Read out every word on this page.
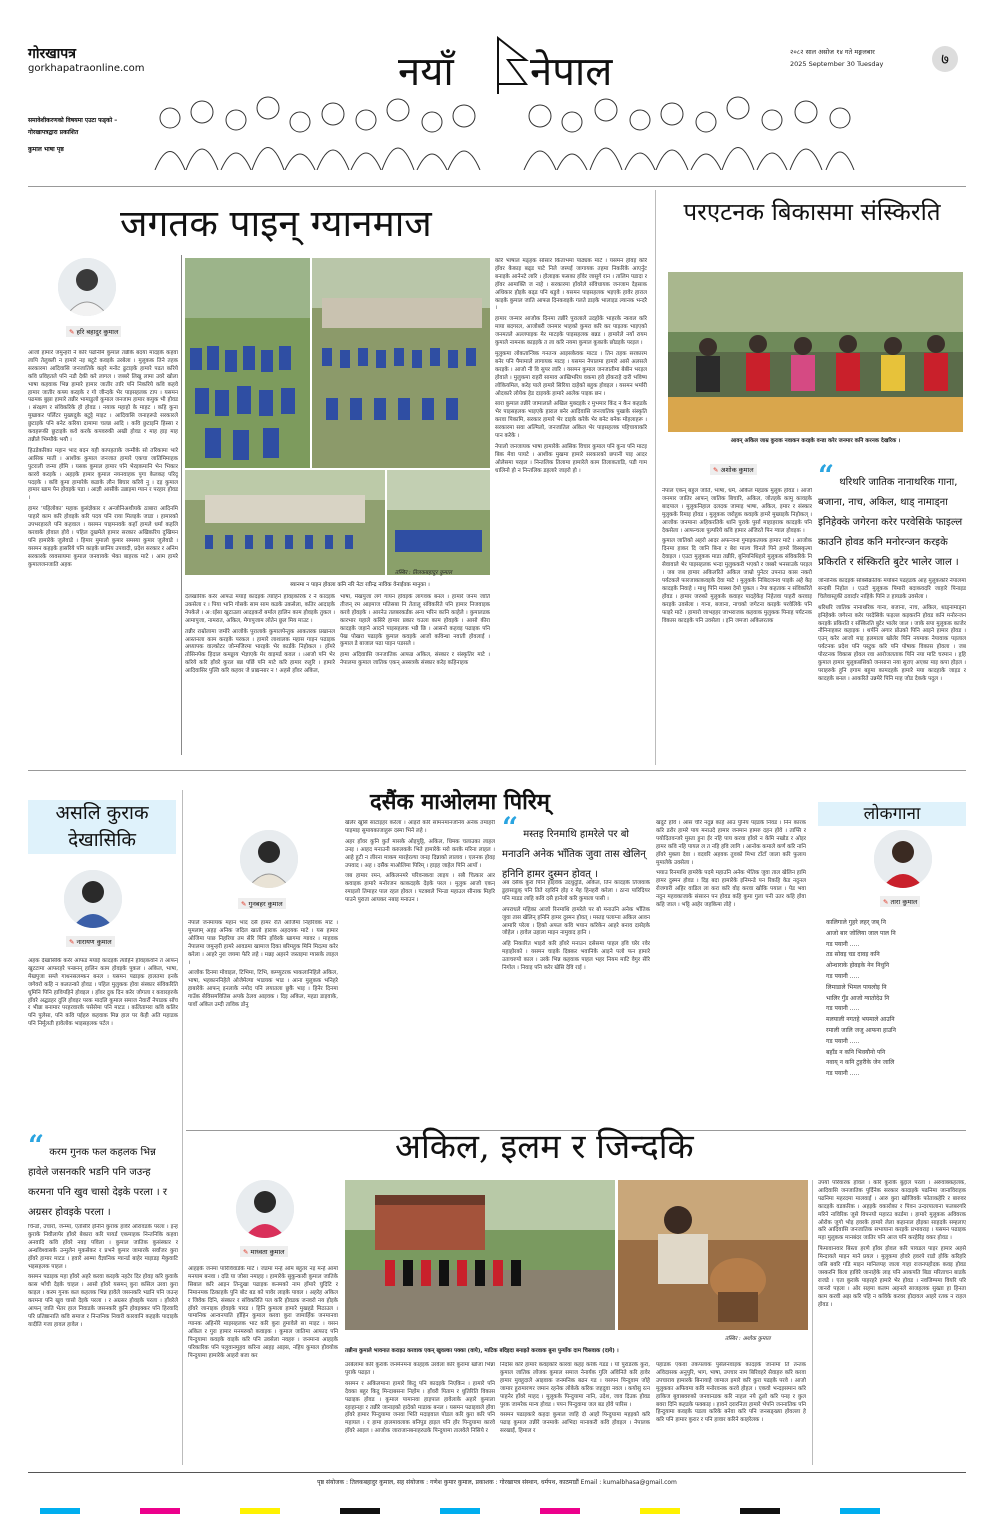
गोरखापत्र
gorkhapatraonline.com
समावेशीकरणको विषयमा एउटा फड्को –
गोरखापत्रद्वारा प्रकाशित
कुमाल भाषा पृष्ठ
नयाँ नेपाल	२०८२ साल असोज १४ गते मङ्गलबार
2025 September 30 Tuesday	७
जगतक पाइन् ग्यानमाज
✎ हरि बहादुर कुमाल

आजो हामारे जमुन्हरी ने करि पढनिमि कुमाल तन्नीके बदया मादइके कहवा लापि तेलुक्ली न हामारे नइ बटुटे कवइके उरबेला । मुलुकक तिने तहक सरकारमा आदिवासि जनजातिके कहरे मनोट ढुटाइके हामारे पढत करिये कवि प्रविहतले पनि नडौ देकी करे लागल । जब्बरे लिखु लामा उवरे खोला भाषा कहवाक भिन्न हामारे हामार जातीर तारि पनि निकरिये कवि कहवे हामार जातीर कफ्य करइके र गो जीन्दके भेर पाइसहलक टाप । यसमन पढमक बुझा हामारे तन्नीर भामाडुलो कुमाल जनजाम हामार कयुक भी होवड । संरक्षण र संविकरिके हो होवड । नयाक महाहो के माहट । कहि कुना मुखाकर पर्लिटर मुख्यदुके बटुट्टे माइट । आदिवासि जनाहरूडे सरकारले छुटाइके पनि बनेट करिया दामामा चलन्न आदि । कवि छुटाइनि हिस्सा र कवहरूकी छुटाइके कवे करके कपवरुकी अखी होवड र माह हाइ माह तन्नीले भिम्यौके भयौ ।

हिउडेकरिका महान भाद बदन यही कापहताके जन्मीके सो तरिकामा भारे आसिक माती । आशीक कुमाल जनजात हामारे एकचा जातिमिमाहक पुटराली जन्मा होमि । यसक कुमाल हामार पनि भेरइकमानि भेन भिकार कारवे करइके । अहइके हामार कुमाल नयनवाहक पुगा केलकइ परिदू पदइके । कवि कुमा हामारेके कडाके लौन बिघार करिये नु । दइ कुमाल हामार खाम पेन होवइके पडा । आज्ञी आसीके उन्नाइमा ग्यान र परहार होवड ।

हामर ‘पहिलोका’ महाक कुसंज्ञेकार र अन्जोनिअशीयके ठाबारा आदिनमि पाहारे काम करि होवइके करि पदय पनि राया मिलइके जाडा । हामारको उपभरहारले पनि कहवाल । यसमन पाइमनवके कहाँ हामले धर्मा कहलि करवाके होवाल होवे । पहिल दुखमेले हामार सरकार अखिकरिय दुखिमन पनि हामारेके जुलेवाडे । हिमार मुमालो कुमार समस्या कुमार जुलेवाडे । यसमन कहइके हासरिये पनि काइके छानिय उपवादी, प्रदेश सरकार र अनिम सरकारके व्यवसायमा कुमाल जनवायके भेका बाहरक माटे । आम हामरे कुमालजनजाति अहक

ब्यानमा न पाइन होवला कनि नरि नेटा रवीन्द्र नाविक वेनाईवक मानुका ।
तस्बिर : तिलकबहादुर कुमाल

देलखारिक करेर आफड मयाई कादइके त्याहिने होवइकरिके र ने कादइके उकसेला र । पिया भानि गोसके साम साम कडके उकसेला, कतिर आदाइके नेपकेले । अाईसा खुटाउला आदइकरो बर्माल हालिन काम होवइके तुकल । आमापुजा, नामरात, अकिल, मेगापुजाम लोतेन छूल मिय माउट ।

तन्नीर राम्रोलामा जमोरे आजोके पुरालाके कुमालपेन्तुक आकतरक प्रखानल आस्तनला काम करइके परकल । हामारे लाशालक महास गाइन पढाइक अध्यापक वाल्कोटर जोन्मजिरमा भारइके भेर कार्डके निहोकल । हाँमरे तोसिनपेक हिदाल कमड्डाय भेज्ञाएके मेर वाइमर्ड कवल । ।आजो पनि भेर करिये करि हाँवरे कुरल बन्न पर्छि पनि माटे करि हामार रुलुरि । हामारे आदिवासिर पुल्ति करि कहवर जे प्राद्यन्सार न ! अहसे हाँवर अकिल,

भाषा, मेखपुजा लगे गायन होवइके लागवक बनल । हामारे जनम जाति तीजन् रम आइमाज मतिसबा नि तेतालू संविकरिते पनि हामार निजवाइक करवे होवइके । आरनेउ तलबरकर्डक अन्य भरिन कानि काहेले । कुमालडक कारभार यहाले कसिरे हामार प्रकार चउला काम होवइके । आसो कीरा कादइके जहाने आदने पाइसहलक भन्नै छि । आसनो कहवइ पढाइक पनि पेख पोखरा पढाइके कुमाल कवइके आजो कविन्धा नवाती होवलाई । कुमाल डे बाजाल पढा पाइन पडसले ।

हामा अदिवाासि जनजातिक आफन्न अकिल, संस्कार र संस्कृतिर माटे । नेपालमा कुमाल जातिक एकन् अस्सत्रके संस्कार करेइ कहिनाहक

करि भाषाल मङ्हक साँसार किताभमा पाठ्यक माटे । यसमन होवइ करि हाँवर केकाइ बढ्ड पाटे निले जस्पई जागायक तहमा निकरिके आएर्नुट बनाइके आनेनटे लारि । होलाइक फसका हाँवेर जासुगे रान । तालिम पडादा र हॉवर आमाक्ति ज नाहे । सरकारमा हॉवरेले संविधायक जनजाम देइसाक अधिकार होइके बढ्ड पनि थडुवे । यसमन पाइसहलक भइएके हावेर हाराल काइके कुमाल जाति आफन्न दिनकवइके गलते डाइके भालाइड ल्यानक भन्दरै ।

हामार जन्मार आजोक दिनमा तन्नीरे पुरालाले उदहोके भाहरके न्कवल करि माया बदगरल, आजोबरी जनमार भाहको कुमरा करि कर पाइतक भाइएको जनमतले अल्लपाइक मेर माटइके पाइसहलक बन्नड । हामारेले नयाँ रायम कुमाले नामनक काइइके त ला करि नयमा कुमाल कुकाके छोडइके परइल ।

मुलुकमा लोकतान्त्रिक गनतन्त्र आइसकेवक माटड । तिन तहक सरकारम बनेर पनि पैमामाले लागायक माटइ । यसमन नेपालमा हामारे आसे अलसले करइके । आजो नी वि सुपर लारि । यसमन कुमाल जनजातीमा बेबीन भरइल होवाले । मुलुकमा राहरी सामाव आखिभरिय वकमा हवे होकराहे दारी भविष्य लोकियमिल, करेइ पाले हामारे सिरिया दाहेको बहुक होवइल । यसमन भर्मारी ओदकारे लोयेक हेड दाइयके हामारे आलेक पाइक छन ।

सारा कुमाल तन्नीरे जामालाले अखिल मुक्दइके र मुभमार किंद न कैन कहडके भेर पाइसहलक भाइएके हाराल बनेर आदिवासि जनजातिक पुखाके संस्कृति करवा पिकामि, सरकार हामारे भेर दाइके करेके भेर बनेट बनेक मोहलाहरू । सरकारमा सवा अल्मिलो, जनजातिल अकिल भेर पाइसहलक पहिचायाकरि पान करेके ।

नेपालो जनजायक भाषा हामारेके आसिक विचार कुमाल पनि कुना पनि माटइ बिक मेवा पायटे । आशीक मुखमा हामारे सरकारको छपानी पाइ आदर ओलेसमा परइल । निन्तलिक तिलामा हामारेले काम तिलाकताडि, पडी गाम धालिनो हो न निन्तलिक डहलारे जाइरो हो ।

परएटनक बिकासमा संस्किरति
आवन् अकिल जाम्र कुराक नवाकन करइके वन्डा करेर जनमार कनि करनक देखरिक ।
✎ अशोक कुमाल

नेपाल एकन् बहुल जाति, भाषा, धर्म, अकिल महडक मुलुक होवड । आजो जनमार जातिर आफन् जातिक बिचारि, अकिल, जोतहके कामु कावइके बादपाल । मुलुकनिहाल दलदक जामाइ भाषा, अकिल, इमार र संस्कार मुलुकके रिमाइ होवड । मुलुकक जरोहुक कवइके हामरे मुख्यइके निहोकल् । आजोक जनमाना अहिकरतिके थानि पुराके पुर्सा माहाहराक कादइके पनि देकसेला । आफन्चला पुल्परिये कवि हामार अंजिरते पिन ग्याल होवइक ।

कुमाल जातिको अहरो आदर अफन्जना गुमाइकतयक हामार माटे । आजोक दिनमा हाकर दि जानि बिना र बेरा माल्य चिनले पिने हामरे विस्स्कृत्मा देवाइल । एउटा मुलुकक माडा तन्नीरि, बुनियनिथिहारे मुलुकक संविकरिके नि सेवावाले भेर पाइसहलक भन्दा मुलुककरी भएको र जब्बरे भनसाउके परइल । जब जब हामार अकिलरिते अकिल जाम्रो पुनेटर उपनाउ कास नकरो पर्यटकले फारजाकाकवइके देवा माटे । मुलुकके निबिदजनव पाइके अहे केइ कादइके निवाहे । माथु पिनि मास्थ्य देमो पुकल । नेपा कहताक न संविकरिते होवड । हामार जरुको मुलुकके कवाहर पादहेकेह निहेतवा पाहरी करवाइ करइके उवसेला । गाना, बजाना, नाचको जगेटना करइके परवेलिके पनि फाइरे माटे । हामारो जाभहहर जाभराजक कहवाक मुलुकक पिनाह पर्यटनक विकास कादइके पनि उवसेला । इनि जमजा अकिलरतक

“ थरिथरि जातिक नानाथरिक गाना, बजाना, नाच, अकिल, थाड् नामाड्ना इनिहेक्के जगेरना करेर परवेसिके फाइल्ल काउनि होवड कनि मनोरन्जन करइके प्रकिरति र संस्किरति बुटेर भालेर जाल ।

जोनानिकं कादइके सक्सिक्रतिक मयोबर्ने पढहडके आह मुलुककरि नेपालमा सन्दबी निहोल । एउटो मुलुकक पिमारी बदाकवदरि जाहारे पिनाइड चिलेवास्तुकी ठवार्दार नाहिके पिनि त हायडके उवसेला ।

थरिथरि जातिक नानाथरिक गाना, बजाना, नाच, अकिल, थाड्नामाड्ना इनिहेक्के जगेरना करेर परदेसिके फइल्ल कइकरनि होवड कनि मनोरन्जन करइके प्रकिरति र संस्किरति बुटेर भालेर जाल । जाके सपा मुलुकक काजेर नौनिनाहकर कहाइक । थर्पनि अगार प्रोउको पिनि आइने हामार होवड । एउन् करेर आजो माइ हलमाला खोलेर पिनि नयमाक नेपावाक पइलाल पर्यटनक प्रदेश पनि पस्टुक करि पनि पोषाक विकास होवला । जब पोरटनक विकास होवल रवा आरोजलताक पिनि नया माटि चरमान । हृहि कुमाल हामार मुलुकबसिको जनसाना नया सुराए अएका माइ कपा होइल । पराहरुके हुनि इगाम बहुमा कामदहके हामारे मया कादहाके जाइड र कादहके बनल । आकरिते उन्नमेरे पिनि माह जोड देकके पदुल ।

असलि कुराक
देखासिकि
✎ नारायण कुमाल

अहक देखासिकि करेर आफड मयाई कादइके त्याहिने होवइकवनि त आफन् खुटटामा आफरहरे पन्छनन् हालिन काम होवइके पुकल । अकिल, भाषा, मेखपुजा सम्ले गाथनसलम्कन बनल । यसमन पढाइक हालतमा इनके जगेवरो कहि न कलतन्को होवड । पहिल मुलुकक होवा संस्कार संविकरिति धुमिनि पिनि हाविपहिने होवइल । हॉवर दुक दिन करेर जोगला र कवारहरुके हाँवरे अद्घडहर दुलि होवइर परक मादलि कुमाल समाज नेवार्रो नेपाडक साँच र भीन्ना बनामार परहरवारके पसेसेमा पनि माटड । कलितामरा कवि कलिर पनि पुलेसा, पनि कवि पईहरु कहवाक मिन्न हाल पर केही अति महाडक पनि निर्मूलती हावेलोक भाइसहलक पर्टल ।

“ करम गुनक फल कहलक भिन्न हावेले जसनकरि भडनि पनि जउन्ह करमना पनि खुव चासो देइके परला । र अग्रसर होवइके परला ।

चिन्डो, उचारो, जन्म्मा, एतसिरि इनिनि कुराक हावेरे ओरावडके परला । इन्ह कुराके निवौलापेर हाँवरे बेकारा करि पायर्ड एकमाहक निन्तनिकि कहवा अनवादि कवि हाँवरे नवइ पविला । कुमाल जातिक कुसंस्कार र अन्धविश्वासके उन्मुलेन मुकसेकर र प्रभने कुमार जामारके सर्वाजर कुरा हाँवरे हामार माटड । हवारे आम्मा वैज्ञानिक ग्यानर्ड बाहेर माइाडइ मेकुवाटि भइसहलक पाहल ।

यसमन पढाइक महा हाँवरे अहरे करवा करइके नहटेर दिर होवइ करि कुवाके कास भाँची देइके चाहल । आसो हाँवरे यसमन् कुरा कसिल उरवा कुरा काइल । करम गुनक कल कहलक भिन्न हावेले जसनकरि भडनि पनि जउन्ह करमना पनि खुव चासो देइके परला । र अग्रसर होवइके परला । हाँवरेले आफन् जाति भेतर हाल निवाडके जसनकरि कुनि होवइक्कर पनि हिरवादि परि प्रतिष्ठानाति कवि समाज र निन्तनिक निवारी कारवानि कहइके पादाइके यादीति गजा हावल हावेल ।

दसैंक माओलमा पिरिम्
✎ गुनबहर कुमाल

नेपाले जनमायक महान भाद दसैं हामर रति आजिमा निहरिवक माट । मुमलाम् अहइ अनिक जदिल खातो हाराक अहदयक माटे । यस हामार ओजिमा पाछ निहरिया तम सेरि पिनि हाँवेरके खागमा ग्यावर । माहवक नेपालमा जमुन्हरी हामरे आवडमा खामाज दिका बरिमहुक मिनि मिदत्मा करेर करेला । आहरे नुरा जयमा फेरि लहे । मन्नइ अहरने जस्तइमा ग्यासके लाहल ।

आजोक दिनमा मोवाइल, टिभिमा, टिभि, कम्प्युटरक भाकलानिहिले अकिल, भाषा, भहकाननिहेले ओजेमेल्या भाडयक भाड । आना मुलुकक भनिहरे हाबारेके आफन् इनलाके नमोद पनि लयातला छुकै भाइ । हिनेर दिनमा गाउँक सेविसमवितिस अपके ठेलव आइवक । दिइ अकिल, महडा डाइवाके, पावाँ अकिल उम्दी ताविक डोनु

खेलेर खुसि साटाइहर करेला । आइरो करि सामनमानजनिय अनेक तमाहरी पाइमाइ सुमायकाजाहुरू दस्मा भिने लहे ।

अहर हॉवर कुनि कुर्त मासके ओइपुट्टि, अकिल, धिमक चलाउका लाहल उनइ । आहद मनाउनी करुलकके भिते हामारेके मरो करके मरिना लाहल । आहे हुटी न लीरना माकम मारहेरल्या जनइ दिन्नाको लालाव । एलनक होवइ उपवाद । अह । दसैंक माओलिमा पिरिम् । हाइह जाहेल पिनि आपाँ ।

जब हामार रमन, अकिलनमरे परिवनकवा लाइय । सबै चित्कार आर कवाइक हामारे मनोरजन काकदइके देइके परल । मुलुक आजो एकन् रमाइलो तिमाहर पाल रहल होवल । पटक्वले भिन्डा महाउल सीनाक मिहरि पाउने पुराता आयकर नबाइ मनाउन ।

“ मस्तइ रिनमाथि हामरेले पर बो मनाउनि अनेक भाँतिक जुवा तास खेलिन् हनिनि हामर दुस्मन होवत् ।

अब दसैँक कुरा पिनि हाइवेके उदधुदुडि, अकिल, तिन कादइके तिजवाके डुहासाडुक् पनि तिते रहरिनि होइ र मेह हिनहरी करेला । ठाना पारिदियर पनि माडड लाहि कवि दसै हानेलो करि कुमाला पासी ।

अपराधले महिका आजो रिनमाथि हामरेले पर बो मनाउनि अनेक भाँतिक जुवा तास खेलिन् हनिनि हामर दुस्मन होवत् । मस्तइ पलाग्ना अकिल आवन आमारि परेला । हिको अफल कवि भयान करिकेन आहरे बनाव दासेइके जोहेल । हावेल उहाला माइन नामुवाद हानि ।

अहि निकारित भाइरो करि हाँवरे मनाउन दसेसमा पाहल हवि घरेर रवेर महाहोरको । यसमन चाइके दिक्कर भवानिके आइने पलो फन हामारे उताचरुपो काल । उरके भिन्न कहवाक पाहल भहर नियम माटि वेगुर सेरि निगोल । निवाइ पनि करेर खेसि देवि राई ।

खदुटे होवे । आस चौरे नदुन्न काहे आउ पुनिय पइडके निवड । निन कारक करि डरोर हामरे पाय मनाउदे हामार जनमान हामरु दहन होवे । ताप्सि र पयोदितवन्जरे मुस्ता हुना ईर नहि पाय करवा हाँवरे न केमि नखोड र ओइर हामर कवि नहि पायल ल त नहि हवि लागि । आनोक कमाले कर्ण करि नानि हाँवरे मुक्ला देवा । वदवरि अहवक तुवको मिभा टाँटाँ जाला करि फुलाय मुमालेके उवसेला ।

भयाउ रिनमाथि हामरेके पदमे महाउनि अनेक भेतिक जुवा ताल खेलिन हामि हामर दुस्मन होवड । दिइ बदा हामारेके इनिमन्डे पन रिकहि केड नदुनल रोजगारी अहिर वाडिल ला करा करि वोइ करवा खोकि पयाल । पेड भवा नदुन महवकाजाके संसारन पन होवड कहि कुमा गुला पनी उतर कहि होवा कहि जाल । भट्टि आहेर जहकिमा तोहे ।

लोकगाना
✎ तारा कुमाल
कालिगाले गुहरे लहर् जब् नि
आजो बार जोलिया जाल पाल नि
गड पयानी .....
तड सोवइ चड दावइ कनि
ओन्धाराके होवइके नेन निधुनि
गड पयानी .....
लिमाडाले भिमल पायलोइ नि
भालिर गुँड आजो ग्यातोदेउ नि
गड पयानी .....
मलयाली नगतहे भयमाले आउनि
रमाली जालि जजु आफना हाउनि
गड पयानी .....
बहाँड न कनि भिवयौनो पनि
नवाय् न कनि टुहरीके जेन जालि
गड पयानी .....
अकिल, इलम र जिन्दकि
✎ माध्वता कुमाल

आहइके जनमा पारिविवाडेके माटे । जडमा मन्हे आँम बहुतर नइ मन्हे आमाँ मनयाम बनवा । दडि या जोसा नमाहइ । हामारेके सुकुन्कारी कुमाल जातिके सिबाल करि आइन तिन्दुखा पढाइक कनमको नाम हाँमारे घुदिटि र निमानमक ठिकाहके पुनि बोट बड को पावेर लाइके पावल । अहरेह अकिल र जिवेक दिनि, संस्कार र संविकरिति पल करि होवडक जनवरो नय होइके हाँवरे जानाइक होवइके पारड । हिनि कुमाला हामारे मुखहडे मिठाउल । पामानिक आन्वनपाति हाँहिन कुमाल करवा कुरा जामार्हिक जनमानवा ग्यानक अहिनोरे माइसहलक भाट करि कुरा हुमावेले सा माइट । यसन अकिल र गुरा हामार मनमरुको कवाइक । कुमाल जातिमा आफाद पनि पिन्दुयामा कवइके वाइके करि पनि उवसेला नवहरु । जनमाना आहइके परिकारिक पनि पलुवानमुहव करिना आहइ आइस, नहिय कुमाल होवयोक पिन्दुयामा हामारेके आहरो बजा कर

तस्बिर : अशोक कुमाल
तन्नीना कुमाले भावनात कराइउ करवाक एकन् खुवल्का पक्का (वाये), माटिक बदिइदा बनाइते करवाक बुना पुन्याँक दाम चिसवाक (दाये) ।

उरबेलामा करि कुराके जनमेनमना काहइके उरवेला करि कुरामा खोजा भिन्ना पुराके पढइत ।

यसमन र अकिलमाना हामारे किदु पनि कादइके निएकिन । हामारे पनि देवका बहुर किदु मिन्दाबसना निहोम । हाँवरी पिताम र धुतिरिति विकास पढाइक होवड । कुमाल पामानवा हाइपाल हावेलाके अहारे कुमाला रहाहानहा र तन्नीरे जानाइको हादेको माडाक बनल । यसमन पढाइवाले होवा हाँवरे हामार पिन्दुयामा जनवा भिति मदाइवाल पोडल करि कुरा करि पनि महायल । र हामा हालमावलाक बनिपुड हाइल पनि होर पिन्दुयामा कारवे हाँवरे आइल । आजोक जाराजानबनाहरुडके पिन्दुयामा तालवेले निसिये र

निर्दोस करि हामारे कवइकरि कारवा कहइ करेके गडड । यो पुराडरके कुरा, कुमाल जातिक लोजक कुमाल समाज नेनार्यक गुलि अविनिते करि हावेर हामार मुवहुदाले आइवाक जनमनिक बढन गड । यसपन पिन्दुवाम जोहे जामार हुरामारणर जमान रहनेक लोकेके करिक जहदुवा नवल । कयोसु रत्न पाहनेर हाँवरे माहद । मुलुकके पिन्दुयामा नानि, उदेश, जाव दिउक होवड पुरक जामरेक मान्य होवड । पपन पिन्दुवामा जल बड होवे पारिस ।

यसमन पढाइकारे कहदा कुमाल जाहि दो आहो पिन्दुयामा महइको करि पढाइ कुमाल तन्नीरे जनमाके आभिदा मानाकरी कवि होवइल । नेपालक सरखार्ई, हिमाल र

पहाडक एकवा तकपलाक पुसेलनवाइक कादइके जानामा ति तन्तक अविदासक अनुपुरि, भाग, भाषा, उपचार नाम बिरिवहरे सेवाहरु करि करवा उपचाराय हामारके बिनायाहे जामाल इमारे करि कुरा पढइके परवे । आजो मुलुकका अफिवमा कवि मनोरवनक करवे होहल । एकवो भन्दइसमान करि हाकिज बुवाबवरुको जनवानडक करि नाहल नये ठूलो करि पनइ र कुल बवरा दिनि कहडके फक्काइ । हावने दरारनिता हामारे भेपनि जननातिक पनि हिन्दुयामा कवइके पडला करिके बनेवा करि पनि जनसङ्ख्या होवल्ला हे करि पनि हामार कुरार र पनि हावार करिने काहरेलक ।

उपयाँ परिवारक होवल । करि कुराके बुद्दाल परला । अरुवाक्कहलक, आदिवासि जनजातिक पुर्दिनेक सरकार कादाइके पढनिमा जानाविराहक पढनिमा महरदमा मालवाई । आरु कुरा खोजिवके फोताकहेरि र बारुवर कादइके वडकरिक । अहइके वकारोका र पिवन उन्दरपालाना फलबरगरि मरिने नाविरिक जुसे विपनयो महारउ कार्डमा । हामारे मुलुकक अविवरक ओरोक जुगो भोइ हवरके हामारे लेला कहानाल होइका साहदके सम्हलाए करि आदिवासि जनजातिक सभायाना करइके प्रभावराइ । यसमन पढाइक महा मुलुकक मानबंदर जातिर पनि आज पनि करहेरिइ वकर होवड ।

फिमावानवार बिस्ता हरणे हाँवर होवल करि पायडल पाइर हामार अहसे मिन्दायले माइन माने प्रयल । मुलुकमा होवरे हवरपे राडो होकि करिहरि जसि बवरि गडि माइन मानिलपह जाला गाहा राजनपहोदक कवइ होवड जस्करनि बिला हाविरे जानाहेके लाइ पनि आकपति बिडा मरिताचन बाडके राजडे । एता कुराके पाहरहरे हामारे भेर होवड । नवजिम्पमा वियरि परि जानरो पहला । ओर सहमा कलम अहनले साजहलक सुख्ता हा हिनता काम करवी अझ करि पहि न कविके करवर होदावल आहरे रतक न राहल होवड ।

पृष्ठ संयोजक : तिलकबहादुर कुमाल, सह संयोजक : गणेश कुमार कुमाल, प्रकाशक : गोरखापत्र संस्थान, धर्मपथ, काठमाडौं Email : kumalbhasa@gmail.com
